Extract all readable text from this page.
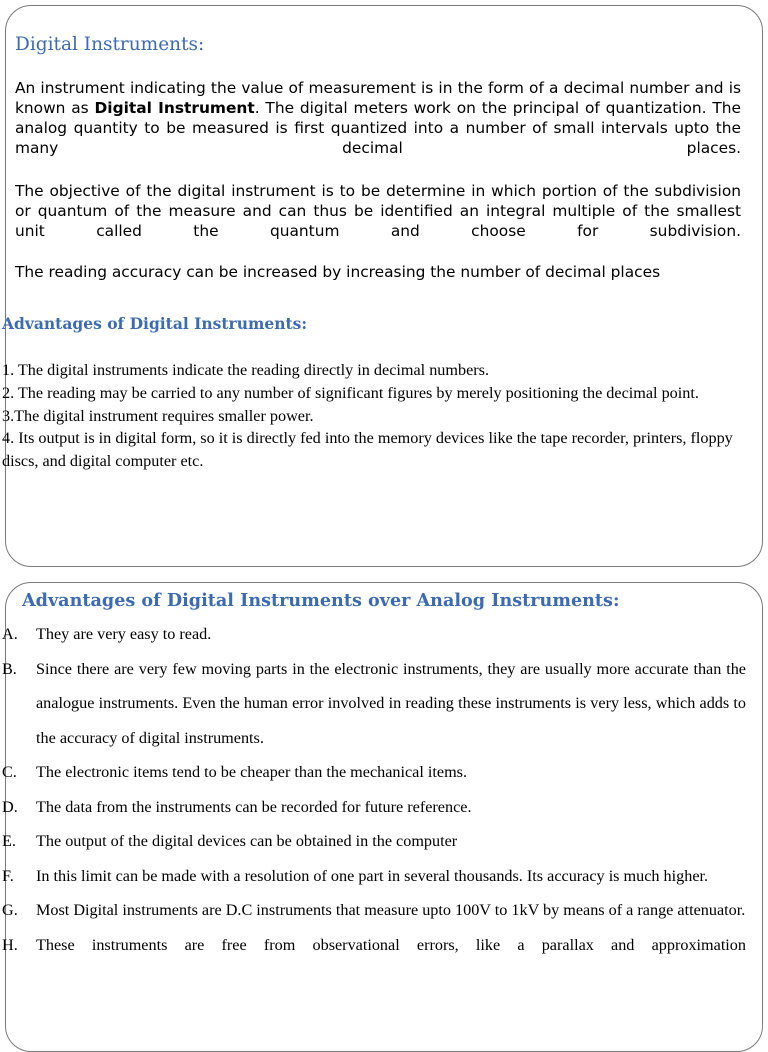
Digital Instruments:

An instrument indicating the value of measurement is in the form of a decimal number and is known as Digital Instrument. The digital meters work on the principal of quantization. The analog quantity to be measured is first quantized into a number of small intervals upto the many decimal places.

The objective of the digital instrument is to be determine in which portion of the subdivision or quantum of the measure and can thus be identified an integral multiple of the smallest unit called the quantum and choose for subdivision.

The reading accuracy can be increased by increasing the number of decimal places

Advantages of Digital Instruments:
1. The digital instruments indicate the reading directly in decimal numbers.
2. The reading may be carried to any number of significant figures by merely positioning the decimal point.
3.The digital instrument requires smaller power.
4. Its output is in digital form, so it is directly fed into the memory devices like the tape recorder, printers, floppy discs, and digital computer etc.
Advantages of Digital Instruments over Analog Instruments:
A.	They are very easy to read.
B.	Since there are very few moving parts in the electronic instruments, they are usually more accurate than the analogue instruments. Even the human error involved in reading these instruments is very less, which adds to the accuracy of digital instruments.
C.	The electronic items tend to be cheaper than the mechanical items.
D.	The data from the instruments can be recorded for future reference.
E.	The output of the digital devices can be obtained in the computer
F.	In this limit can be made with a resolution of one part in several thousands. Its accuracy is much higher.
G.	Most Digital instruments are D.C instruments that measure upto 100V to 1kV by means of a range attenuator.
H.	These instruments are free from observational errors, like a parallax and approximation
